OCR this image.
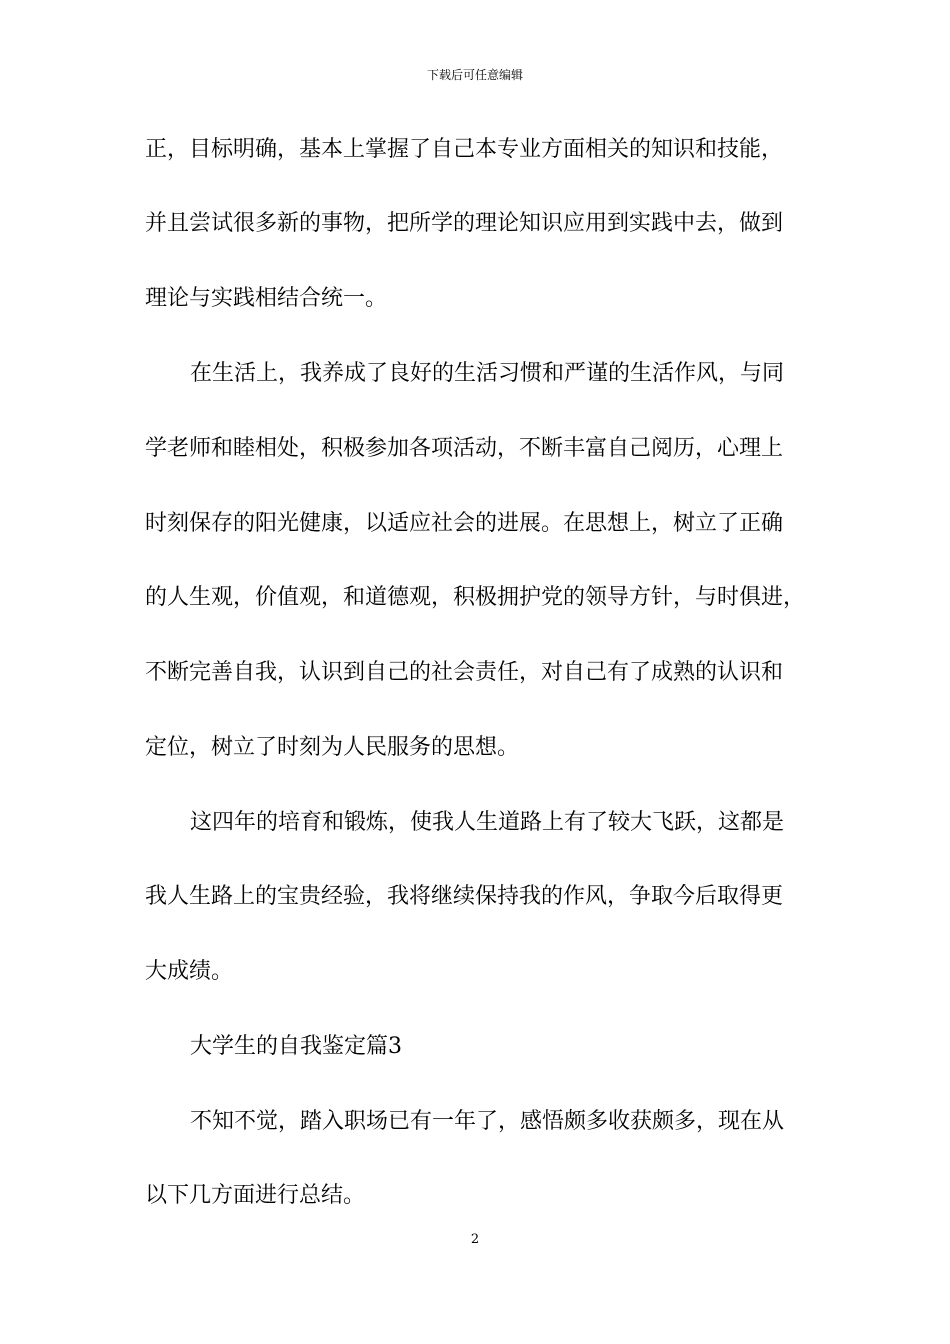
下载后可任意编辑
正，目标明确，基本上掌握了自己本专业方面相关的知识和技能，
并且尝试很多新的事物，把所学的理论知识应用到实践中去，做到
理论与实践相结合统一。
在生活上，我养成了良好的生活习惯和严谨的生活作风，与同
学老师和睦相处，积极参加各项活动，不断丰富自己阅历，心理上
时刻保存的阳光健康，以适应社会的进展。在思想上，树立了正确
的人生观，价值观，和道德观，积极拥护党的领导方针，与时俱进，
不断完善自我，认识到自己的社会责任，对自己有了成熟的认识和
定位，树立了时刻为人民服务的思想。
这四年的培育和锻炼，使我人生道路上有了较大飞跃，这都是
我人生路上的宝贵经验，我将继续保持我的作风，争取今后取得更
大成绩。
大学生的自我鉴定篇3
不知不觉，踏入职场已有一年了，感悟颇多收获颇多，现在从
以下几方面进行总结。
2
